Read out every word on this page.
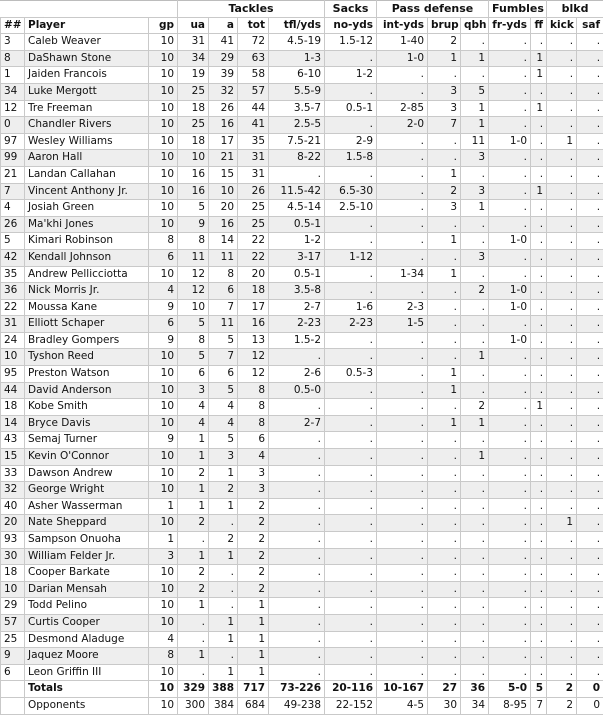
			Tackles				Sacks	Pass defense			Fumbles		blkd	
##	Player	gp	ua	a	tot	tfl/yds	no-yds	int-yds	brup	qbh	fr-yds	ff	kick	saf
3	Caleb Weaver	10	31	41	72	4.5-19	1.5-12	1-40	2	.	.	.	.	.
8	DaShawn Stone	10	34	29	63	1-3	.	1-0	1	1	.	1	.	.
1	Jaiden Francois	10	19	39	58	6-10	1-2	.	.	.	.	1	.	.
34	Luke Mergott	10	25	32	57	5.5-9	.	.	3	5	.	.	.	.
12	Tre Freeman	10	18	26	44	3.5-7	0.5-1	2-85	3	1	.	1	.	.
0	Chandler Rivers	10	25	16	41	2.5-5	.	2-0	7	1	.	.	.	.
97	Wesley Williams	10	18	17	35	7.5-21	2-9	.	.	11	1-0	.	1	.
99	Aaron Hall	10	10	21	31	8-22	1.5-8	.	.	3	.	.	.	.
21	Landan Callahan	10	16	15	31	.	.	.	1	.	.	.	.	.
7	Vincent Anthony Jr.	10	16	10	26	11.5-42	6.5-30	.	2	3	.	1	.	.
4	Josiah Green	10	5	20	25	4.5-14	2.5-10	.	3	1	.	.	.	.
26	Ma'khi Jones	10	9	16	25	0.5-1	.	.	.	.	.	.	.	.
5	Kimari Robinson	8	8	14	22	1-2	.	.	1	.	1-0	.	.	.
42	Kendall Johnson	6	11	11	22	3-17	1-12	.	.	3	.	.	.	.
35	Andrew Pellicciotta	10	12	8	20	0.5-1	.	1-34	1	.	.	.	.	.
36	Nick Morris Jr.	4	12	6	18	3.5-8	.	.	.	2	1-0	.	.	.
22	Moussa Kane	9	10	7	17	2-7	1-6	2-3	.	.	1-0	.	.	.
31	Elliott Schaper	6	5	11	16	2-23	2-23	1-5	.	.	.	.	.	.
24	Bradley Gompers	9	8	5	13	1.5-2	.	.	.	.	1-0	.	.	.
10	Tyshon Reed	10	5	7	12	.	.	.	.	1	.	.	.	.
95	Preston Watson	10	6	6	12	2-6	0.5-3	.	1	.	.	.	.	.
44	David Anderson	10	3	5	8	0.5-0	.	.	1	.	.	.	.	.
18	Kobe Smith	10	4	4	8	.	.	.	.	2	.	1	.	.
14	Bryce Davis	10	4	4	8	2-7	.	.	1	1	.	.	.	.
43	Semaj Turner	9	1	5	6	.	.	.	.	.	.	.	.	.
15	Kevin O'Connor	10	1	3	4	.	.	.	.	1	.	.	.	.
33	Dawson Andrew	10	2	1	3	.	.	.	.	.	.	.	.	.
32	George Wright	10	1	2	3	.	.	.	.	.	.	.	.	.
40	Asher Wasserman	1	1	1	2	.	.	.	.	.	.	.	.	.
20	Nate Sheppard	10	2	.	2	.	.	.	.	.	.	.	1	.
93	Sampson Onuoha	1	.	2	2	.	.	.	.	.	.	.	.	.
30	William Felder Jr.	3	1	1	2	.	.	.	.	.	.	.	.	.
18	Cooper Barkate	10	2	.	2	.	.	.	.	.	.	.	.	.
10	Darian Mensah	10	2	.	2	.	.	.	.	.	.	.	.	.
29	Todd Pelino	10	1	.	1	.	.	.	.	.	.	.	.	.
57	Curtis Cooper	10	.	1	1	.	.	.	.	.	.	.	.	.
25	Desmond Aladuge	4	.	1	1	.	.	.	.	.	.	.	.	.
9	Jaquez Moore	8	1	.	1	.	.	.	.	.	.	.	.	.
6	Leon Griffin III	10	.	1	1	.	.	.	.	.	.	.	.	.
	Totals	10	329	388	717	73-226	20-116	10-167	27	36	5-0	5	2	0
	Opponents	10	300	384	684	49-238	22-152	4-5	30	34	8-95	7	2	0
